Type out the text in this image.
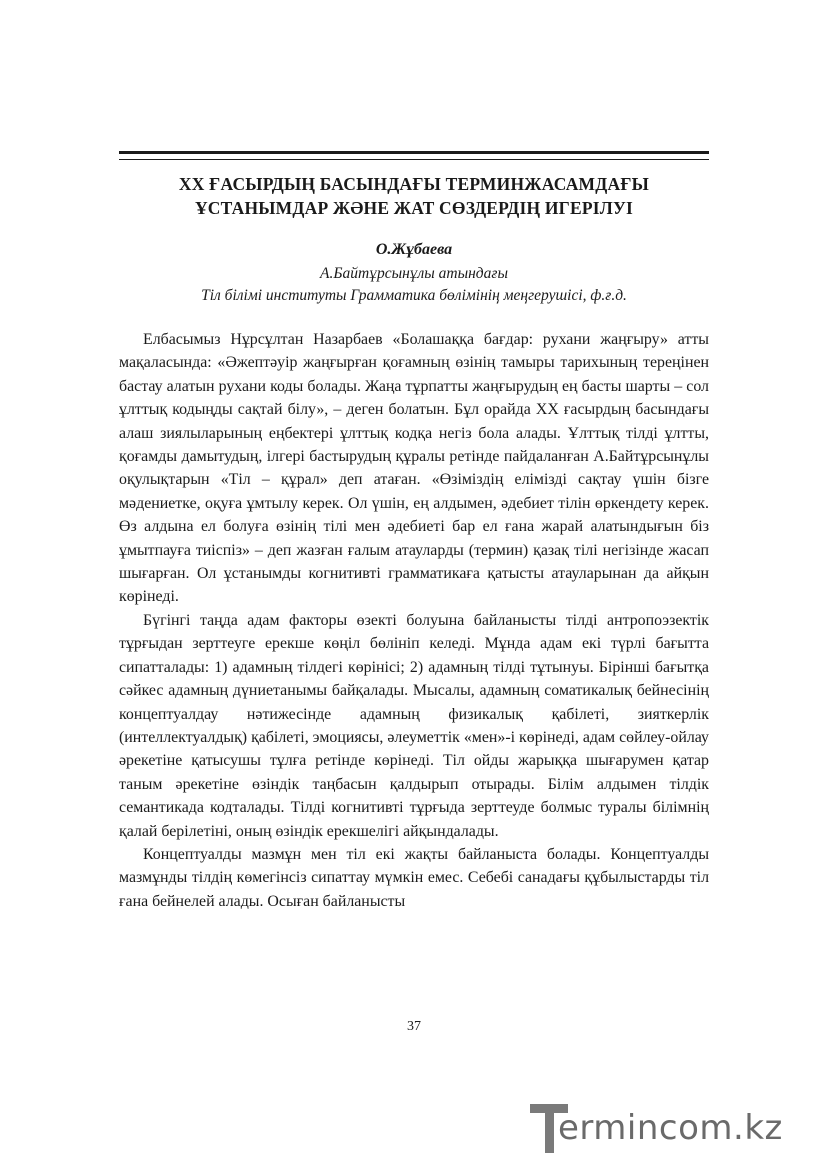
XX ҒАСЫРДЫҢ БАСЫНДАҒЫ ТЕРМИНЖАСАМДАҒЫ
ҰСТАНЫМДАР ЖӘНЕ ЖАТ СӨЗДЕРДІҢ ИГЕРІЛУІ
О.Жұбаева
А.Байтұрсынұлы атындағы
Тіл білімі институты Грамматика бөлімінің меңгерушісі, ф.ғ.д.

Елбасымыз Нұрсұлтан Назарбаев «Болашаққа бағдар: рухани жаңғыру» атты мақаласында: «Әжептәуір жаңғырған қоғамның өзінің тамыры тарихының тереңінен бастау алатын рухани коды болады. Жаңа тұрпатты жаңғырудың ең басты шарты – сол ұлттық кодыңды сақтай білу», – деген болатын. Бұл орайда XX ғасырдың басындағы алаш зиялыларының еңбектері ұлттық кодқа негіз бола алады. Ұлттық тілді ұлтты, қоғамды дамытудың, ілгері бастырудың құралы ретінде пайдаланған А.Байтұрсынұлы оқулықтарын «Тіл – құрал» деп атаған. «Өзіміздің елімізді сақтау үшін бізге мәдениетке, оқуға ұмтылу керек. Ол үшін, ең алдымен, әдебиет тілін өркендету керек. Өз алдына ел болуға өзінің тілі мен әдебиеті бар ел ғана жарай алатындығын біз ұмытпауға тиіспіз» – деп жазған ғалым атауларды (термин) қазақ тілі негізінде жасап шығарған. Ол ұстанымды когнитивті грамматикаға қатысты атауларынан да айқын көрінеді.

Бүгінгі таңда адам факторы өзекті болуына байланысты тілді антропоэзектік тұрғыдан зерттеуге ерекше көңіл бөлініп келеді. Мұнда адам екі түрлі бағытта сипатталады: 1) адамның тілдегі көрінісі; 2) адамның тілді тұтынуы. Бірінші бағытқа сәйкес адамның дүниетанымы байқалады. Мысалы, адамның соматикалық бейнесінің концептуалдау нәтижесінде адамның физикалық қабілеті, зияткерлік (интеллектуалдық) қабілеті, эмоциясы, әлеуметтік «мен»-і көрінеді, адам сөйлеу-ойлау әрекетіне қатысушы тұлға ретінде көрінеді. Тіл ойды жарыққа шығарумен қатар таным әрекетіне өзіндік таңбасын қалдырып отырады. Білім алдымен тілдік семантикада кодталады. Тілді когнитивті тұрғыда зерттеуде болмыс туралы білімнің қалай берілетіні, оның өзіндік ерекшелігі айқындалады.

Концептуалды мазмұн мен тіл екі жақты байланыста болады. Концептуалды мазмұнды тілдің көмегінсіз сипаттау мүмкін емес. Себебі санадағы құбылыстарды тіл ғана бейнелей алады. Осыған байланысты

37
ermincom.kz
